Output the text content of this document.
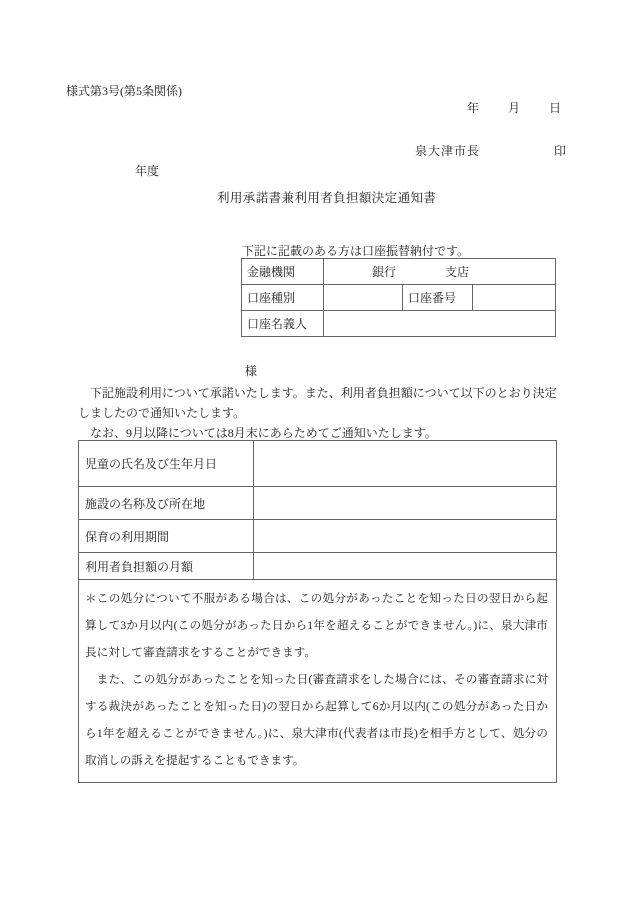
様式第3号(第5条関係)
年 月 日
泉大津市長	印
年度
利用承諾書兼利用者負担額決定通知書
下記に記載のある方は口座振替納付です。
金融機関	銀行 支店		
口座種別		口座番号	
口座名義人			
様

下記施設利用について承諾いたします。また、利用者負担額について以下のとおり決定しましたので通知いたします。

なお、9月以降については8月末にあらためてご通知いたします。

児童の氏名及び生年月日	
施設の名称及び所在地	
保育の利用期間	
利用者負担額の月額	

＊この処分について不服がある場合は、この処分があったことを知った日の翌日から起算して3か月以内(この処分があった日から1年を超えることができません。)に、泉大津市長に対して審査請求をすることができます。

また、この処分があったことを知った日(審査請求をした場合には、その審査請求に対する裁決があったことを知った日)の翌日から起算して6か月以内(この処分があった日から1年を超えることができません。)に、泉大津市(代表者は市長)を相手方として、処分の取消しの訴えを提起することもできます。	
